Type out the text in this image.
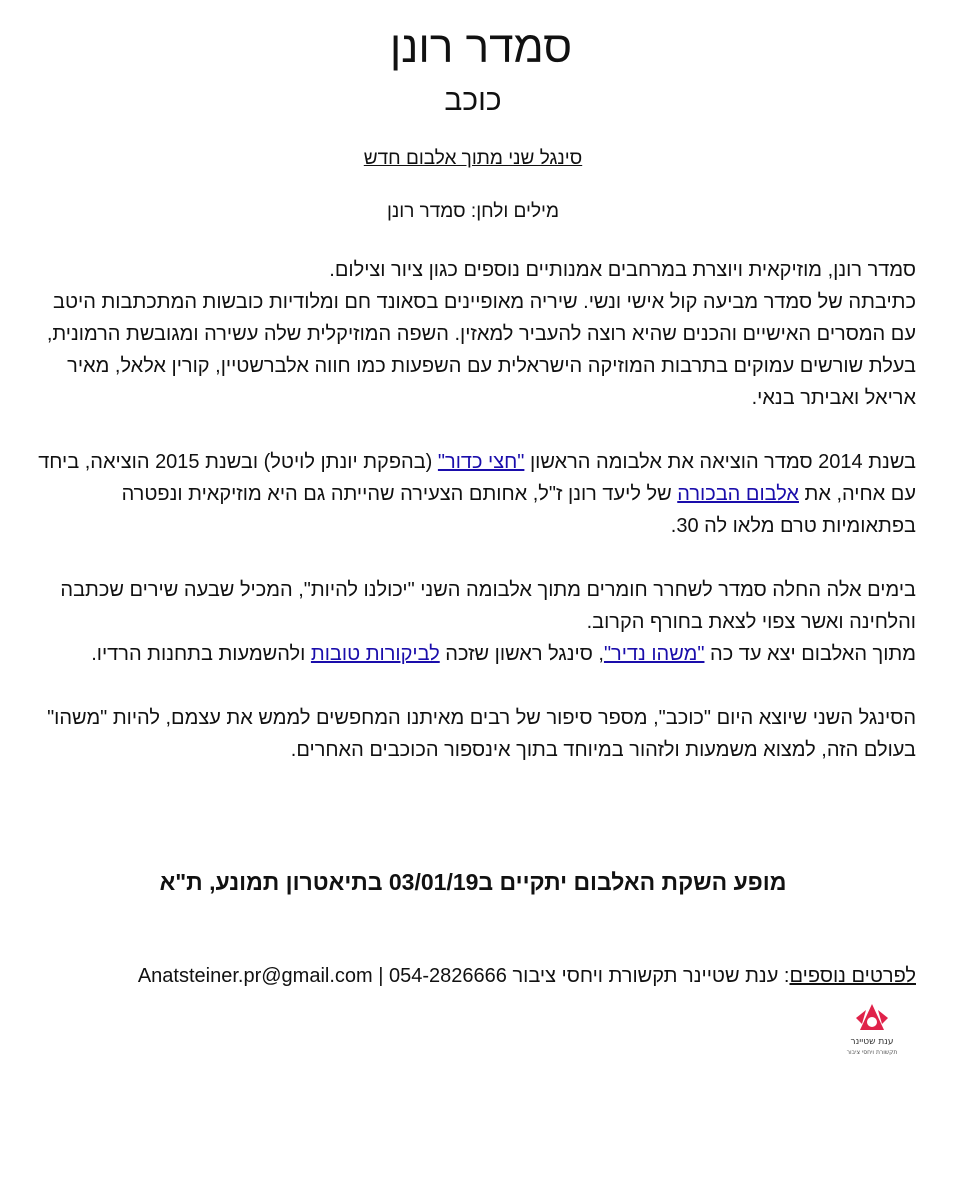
סמדר רונן
כוכב
סינגל שני מתוך אלבום חדש
מילים ולחן: סמדר רונן

סמדר רונן, מוזיקאית ויוצרת במרחבים אמנותיים נוספים כגון ציור וצילום.
כתיבתה של סמדר מביעה קול אישי ונשי. שיריה מאופיינים בסאונד חם ומלודיות כובשות המתכתבות היטב עם המסרים האישיים והכנים שהיא רוצה להעביר למאזין. השפה המוזיקלית שלה עשירה ומגובשת הרמונית, בעלת שורשים עמוקים בתרבות המוזיקה הישראלית עם השפעות כמו חווה אלברשטיין, קורין אלאל, מאיר אריאל ואביתר בנאי.

בשנת 2014 סמדר הוציאה את אלבומה הראשון "חצי כדור" (בהפקת יונתן לויטל) ובשנת 2015 הוציאה, ביחד עם אחיה, את אלבום הבכורה של ליעד רונן ז"ל, אחותם הצעירה שהייתה גם היא מוזיקאית ונפטרה בפתאומיות טרם מלאו לה 30.

בימים אלה החלה סמדר לשחרר חומרים מתוך אלבומה השני "יכולנו להיות", המכיל שבעה שירים שכתבה והלחינה ואשר צפוי לצאת בחורף הקרוב.
מתוך האלבום יצא עד כה "משהו נדיר", סינגל ראשון שזכה לביקורות טובות ולהשמעות בתחנות הרדיו.

הסינגל השני שיוצא היום "כוכב", מספר סיפור של רבים מאיתנו המחפשים לממש את עצמם, להיות "משהו" בעולם הזה, למצוא משמעות ולזהור במיוחד בתוך אינספור הכוכבים האחרים.

מופע השקת האלבום יתקיים ב03/01/19 בתיאטרון תמונע, ת"א
לפרטים נוספים: ענת שטיינר תקשורת ויחסי ציבור 054-2826666 | Anatsteiner.pr@gmail.com
ענת שטיינר
תקשורת ויחסי ציבור
